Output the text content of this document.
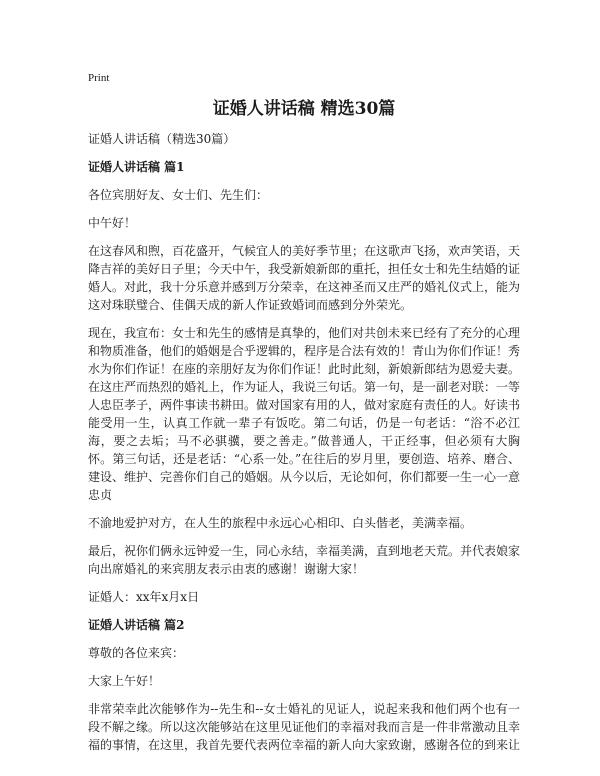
Print
证婚人讲话稿 精选30篇

证婚人讲话稿（精选30篇）

证婚人讲话稿 篇1

各位宾朋好友、女士们、先生们：

中午好！

在这春风和煦，百花盛开，气候宜人的美好季节里；在这歌声飞扬，欢声笑语，天降吉祥的美好日子里；今天中午，我受新娘新郎的重托，担任女士和先生结婚的证婚人。对此，我十分乐意并感到万分荣幸，在这神圣而又庄严的婚礼仪式上，能为这对珠联璧合、佳偶天成的新人作证致婚词而感到分外荣光。

现在，我宣布：女士和先生的感情是真挚的，他们对共创未来已经有了充分的心理和物质准备，他们的婚姻是合乎逻辑的，程序是合法有效的！青山为你们作证！秀水为你们作证！在座的亲朋好友为你们作证！此时此刻，新娘新郎结为恩爱夫妻。在这庄严而热烈的婚礼上，作为证人，我说三句话。第一句，是一副老对联：一等人忠臣孝子，两件事读书耕田。做对国家有用的人，做对家庭有责任的人。好读书能受用一生，认真工作就一辈子有饭吃。第二句话，仍是一句老话：“浴不必江海，要之去垢；马不必骐骥，要之善走。”做普通人，干正经事，但必须有大胸怀。第三句话，还是老话：“心系一处。”在往后的岁月里，要创造、培养、磨合、建设、维护、完善你们自己的婚姻。从今以后，无论如何，你们都要一生一心一意忠贞

不渝地爱护对方，在人生的旅程中永远心心相印、白头偕老，美满幸福。

最后，祝你们俩永远钟爱一生，同心永结，幸福美满，直到地老天荒。并代表娘家向出席婚礼的来宾朋友表示由衷的感谢！谢谢大家！

证婚人：xx年x月x日

证婚人讲话稿 篇2

尊敬的各位来宾：

大家上午好！

非常荣幸此次能够作为--先生和--女士婚礼的见证人，说起来我和他们两个也有一段不解之缘。所以这次能够站在这里见证他们的幸福对我而言是一件非常激动且幸福的事情，在这里，我首先要代表两位幸福的新人向大家致谢，感谢各位的到来让
